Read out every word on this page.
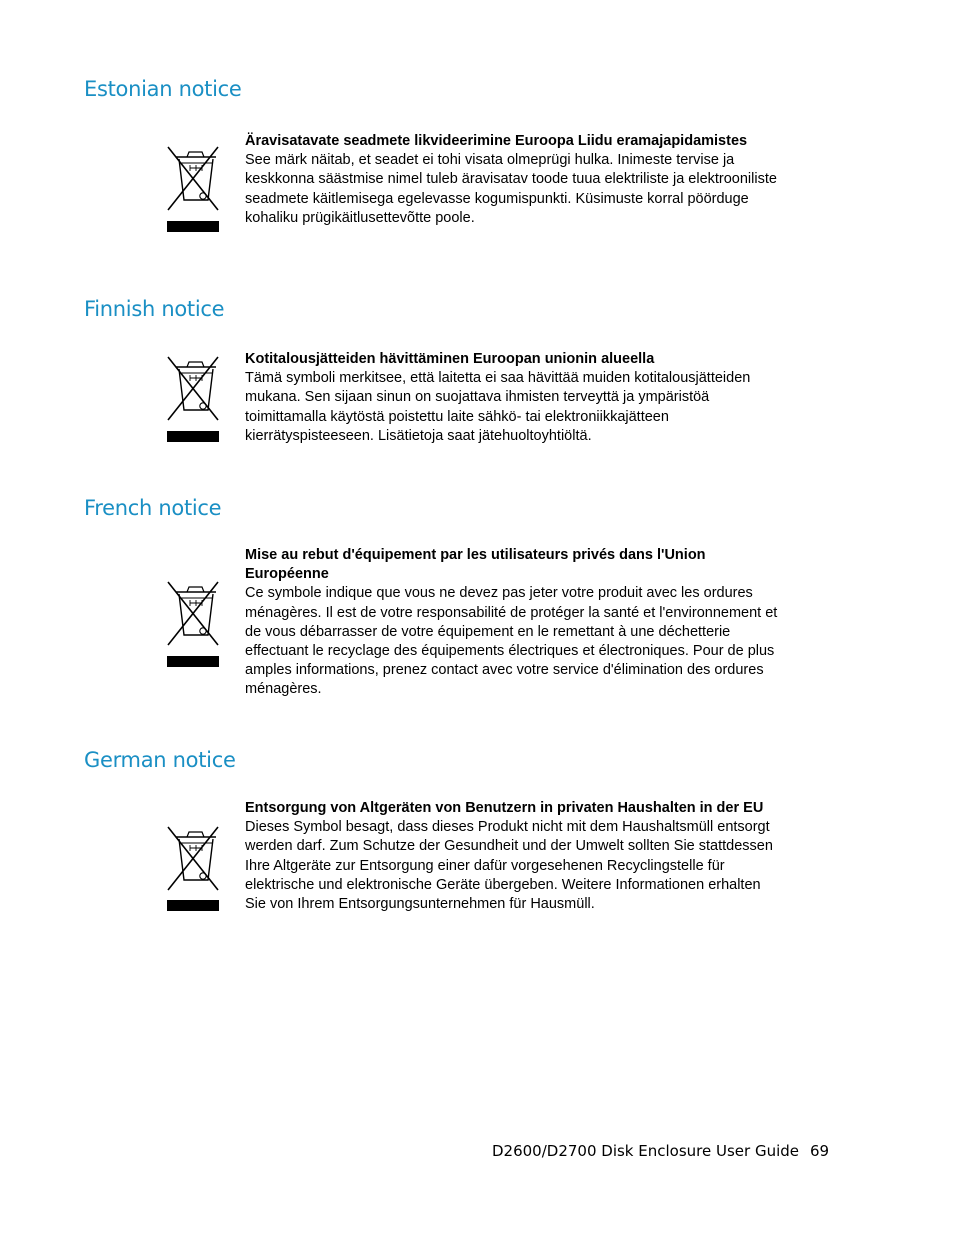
Estonian notice
Äravisatavate seadmete likvideerimine Euroopa Liidu eramajapidamistes
See märk näitab, et seadet ei tohi visata olmeprügi hulka. Inimeste tervise ja keskkonna säästmise nimel tuleb äravisatav toode tuua elektriliste ja elektrooniliste seadmete käitlemisega egelevasse kogumispunkti. Küsimuste korral pöörduge kohaliku prügikäitlusettevõtte poole.
Finnish notice
Kotitalousjätteiden hävittäminen Euroopan unionin alueella
Tämä symboli merkitsee, että laitetta ei saa hävittää muiden kotitalousjätteiden mukana. Sen sijaan sinun on suojattava ihmisten terveyttä ja ympäristöä toimittamalla käytöstä poistettu laite sähkö- tai elektroniikkajätteen kierrätyspisteeseen. Lisätietoja saat jätehuoltoyhtiöltä.
French notice
Mise au rebut d'équipement par les utilisateurs privés dans l'Union Européenne
Ce symbole indique que vous ne devez pas jeter votre produit avec les ordures ménagères. Il est de votre responsabilité de protéger la santé et l'environnement et de vous débarrasser de votre équipement en le remettant à une déchetterie effectuant le recyclage des équipements électriques et électroniques. Pour de plus amples informations, prenez contact avec votre service d'élimination des ordures ménagères.
German notice
Entsorgung von Altgeräten von Benutzern in privaten Haushalten in der EU
Dieses Symbol besagt, dass dieses Produkt nicht mit dem Haushaltsmüll entsorgt werden darf. Zum Schutze der Gesundheit und der Umwelt sollten Sie stattdessen Ihre Altgeräte zur Entsorgung einer dafür vorgesehenen Recyclingstelle für elektrische und elektronische Geräte übergeben. Weitere Informationen erhalten Sie von Ihrem Entsorgungsunternehmen für Hausmüll.
D2600/D2700 Disk Enclosure User Guide 69
